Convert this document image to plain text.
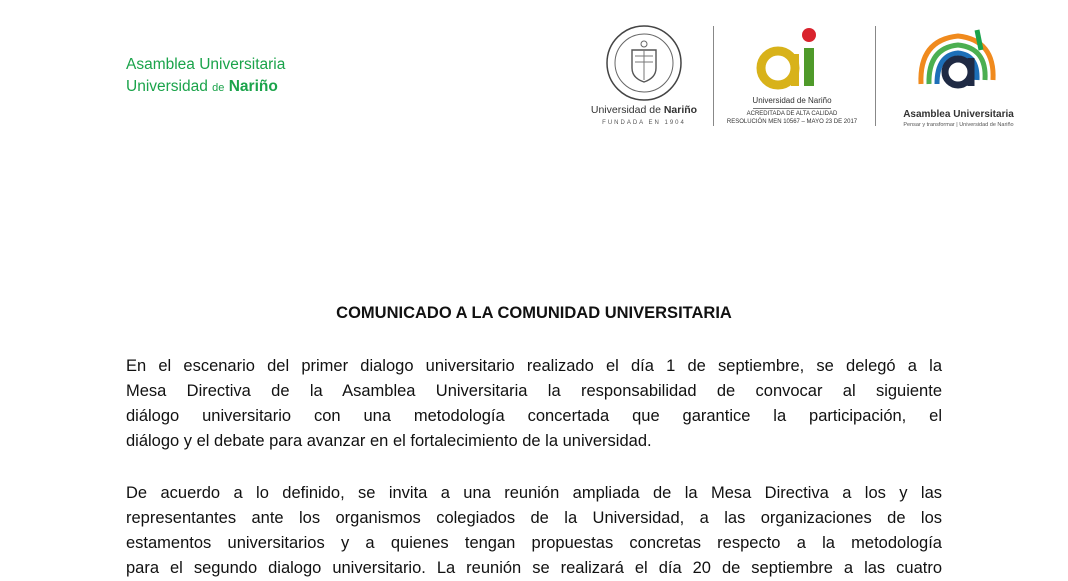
Asamblea Universitaria
Universidad de Nariño
Universidad de Nariño
FUNDADA EN 1904
Universidad de Nariño
ACREDITADA DE ALTA CALIDAD
RESOLUCIÓN MEN 10567 – MAYO 23 DE 2017
Asamblea Universitaria
Pensar y transformar | Universidad de Nariño
COMUNICADO A LA COMUNIDAD UNIVERSITARIA

En el escenario del primer dialogo universitario realizado el día 1 de septiembre, se delegó a la
Mesa Directiva de la Asamblea Universitaria la responsabilidad de convocar al siguiente
diálogo universitario con una metodología concertada que garantice la participación, el
diálogo y el debate para avanzar en el fortalecimiento de la universidad.

De acuerdo a lo definido, se invita a una reunión ampliada de la Mesa Directiva a los y las
representantes ante los organismos colegiados de la Universidad, a las organizaciones de los
estamentos universitarios y a quienes tengan propuestas concretas respecto a la metodología
para el segundo dialogo universitario. La reunión se realizará el día 20 de septiembre a las cuatro
